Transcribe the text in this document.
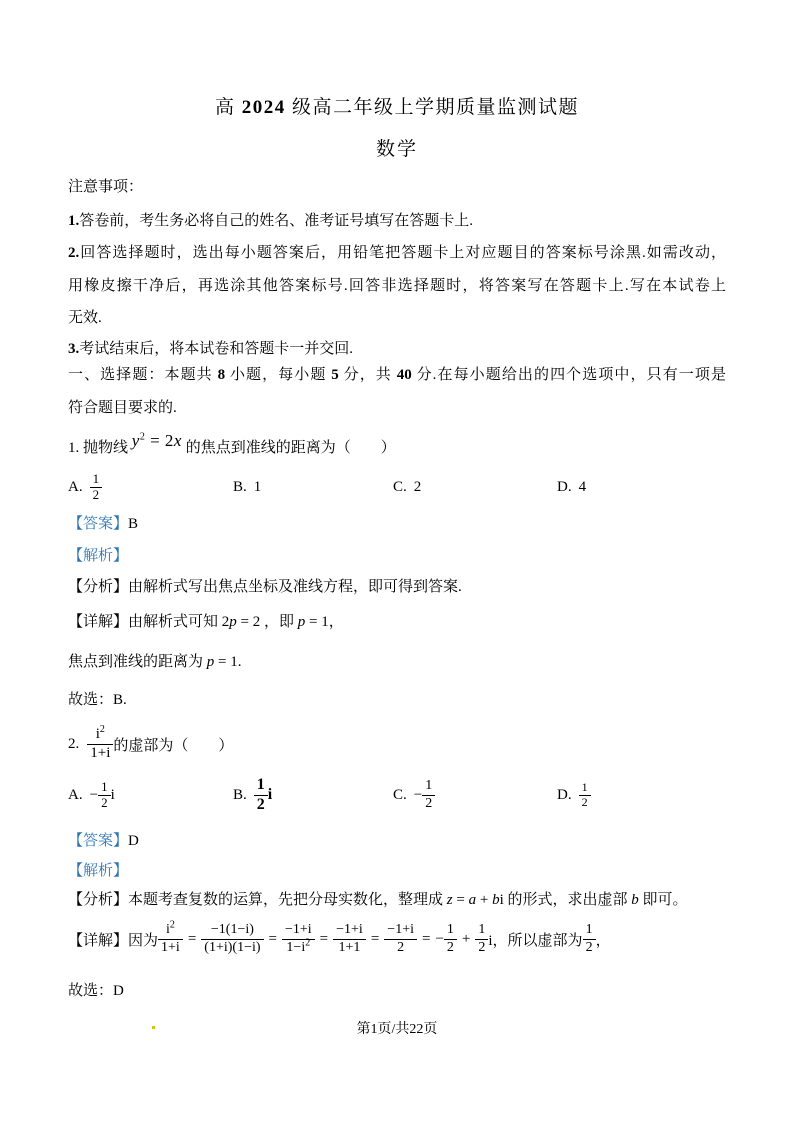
高 2024 级高二年级上学期质量监测试题
数学
注意事项：
1.答卷前，考生务必将自己的姓名、准考证号填写在答题卡上.
2.回答选择题时，选出每小题答案后，用铅笔把答题卡上对应题目的答案标号涂黑.如需改动，
用橡皮擦干净后，再选涂其他答案标号.回答非选择题时，将答案写在答题卡上.写在本试卷上
无效.
3.考试结束后，将本试卷和答题卡一并交回.
一、选择题：本题共 8 小题，每小题 5 分，共 40 分.在每小题给出的四个选项中，只有一项是
符合题目要求的.
1. 抛物线 $y^2 = 2x$ 的焦点到准线的距离为（　　）
A. $\frac{1}{2}$	B. 1	C. 2	D. 4
【答案】B
【解析】
【分析】由解析式写出焦点坐标及准线方程，即可得到答案.
【详解】由解析式可知 2p = 2 ，即 p = 1，
焦点到准线的距离为 p = 1.
故选：B.
2. $\frac{i^2}{1+i}$ 的虚部为（　　）
A. − $\frac{1}{2}$ i	B. $\frac{1}{2}$ i	C. − $\frac{1}{2}$	D. $\frac{1}{2}$
【答案】D
【解析】
【分析】本题考查复数的运算，先把分母实数化，整理成 z = a + bi 的形式，求出虚部 b 即可。
【详解】 因为 $\frac{i^2}{1+i} = \frac{-1(1-i)}{(1+i)(1-i)} = \frac{-1+i}{1-i^2} = \frac{-1+i}{1+1} = \frac{-1+i}{2}$ = − $\frac{1}{2} + \frac{1}{2}$ i，所以虚部为 $\frac{1}{2}$ ，
故选：D
第1页/共22页
